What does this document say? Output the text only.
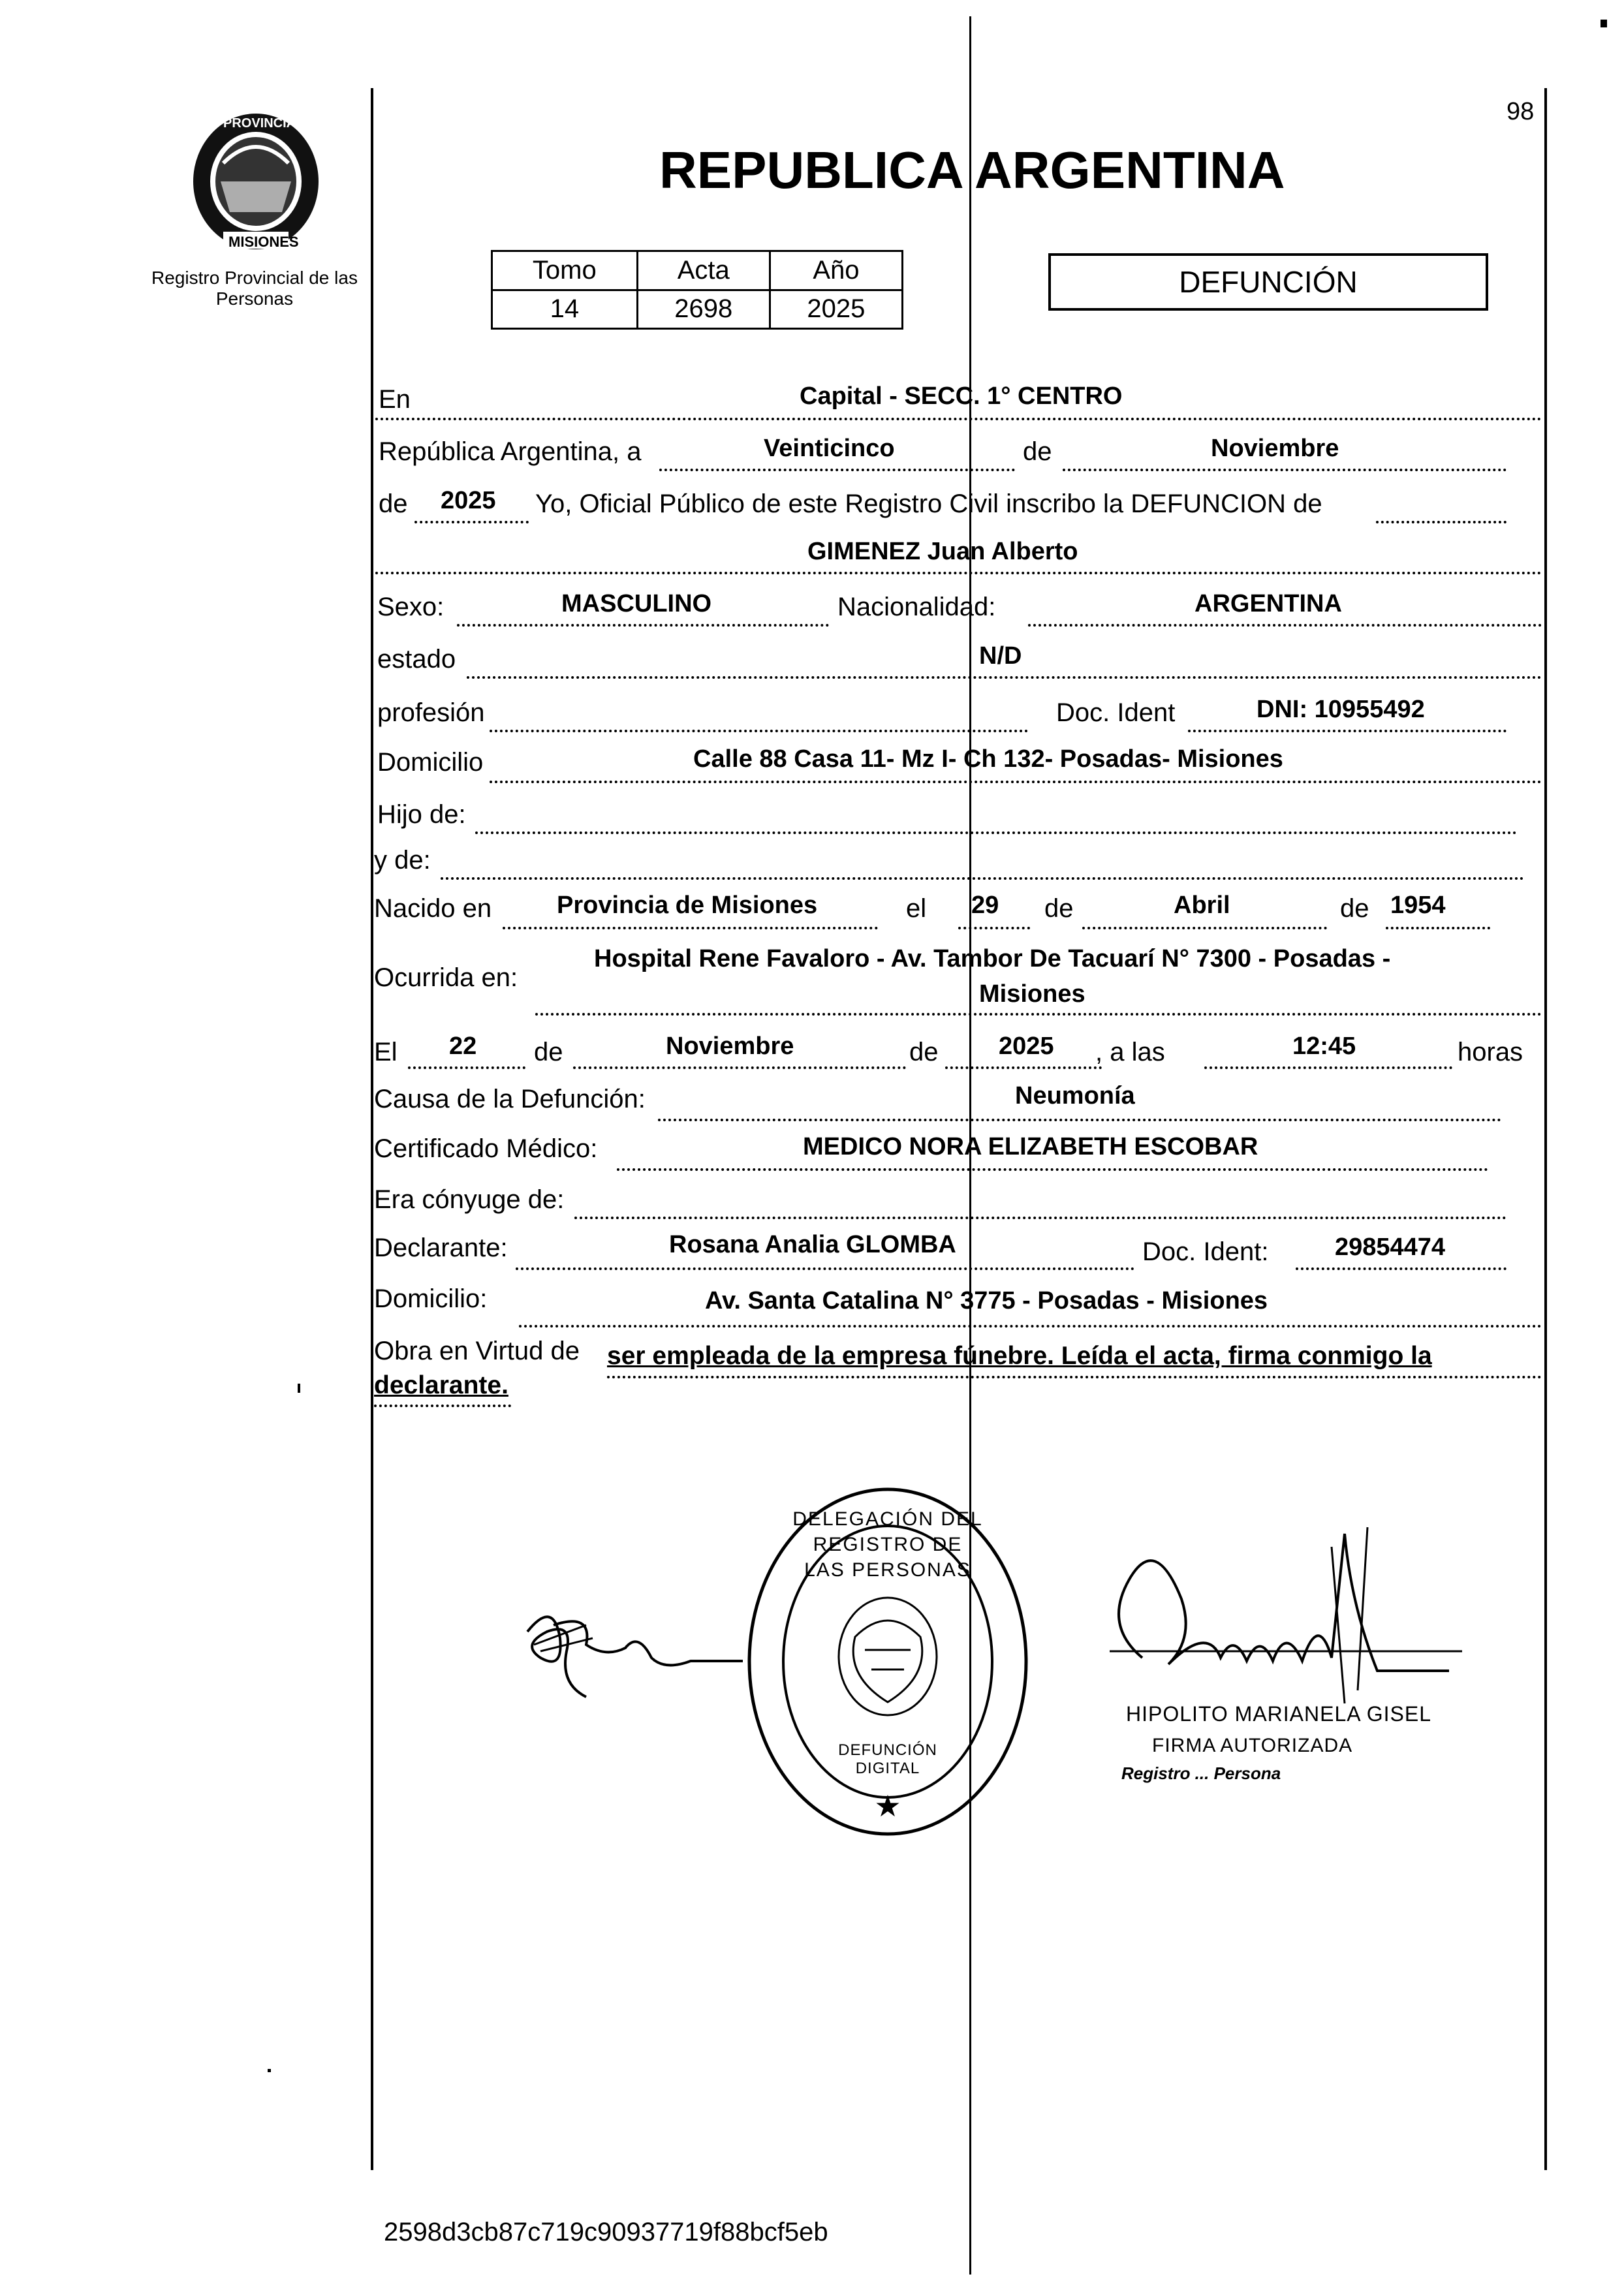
98
PROVINCIA DE
MISIONES
Registro Provincial de las Personas
REPUBLICA ARGENTINA
Tomo	Acta	Año
14	2698	2025
DEFUNCIÓN
En	Capital - SECC. 1° CENTRO
República Argentina, a	Veinticinco	de	Noviembre
de 2025 Yo, Oficial Público de este Registro Civil inscribo la DEFUNCION de
GIMENEZ Juan Alberto
Sexo:	MASCULINO	Nacionalidad:	ARGENTINA
estado	N/D
profesión	Doc. Ident	DNI: 10955492
Domicilio	Calle 88 Casa 11- Mz I- Ch 132- Posadas- Misiones
Hijo de:
y de:
Nacido en	Provincia de Misiones	el 29 de	Abril	de 1954
Ocurrida en:
Hospital Rene Favaloro - Av. Tambor De Tacuarí N° 7300 - Posadas -
Misiones
El 22 de	Noviembre	de 2025 , a las	12:45	horas
Causa de la Defunción:	Neumonía
Certificado Médico:	MEDICO NORA ELIZABETH ESCOBAR
Era cónyuge de:
Declarante:	Rosana Analia GLOMBA	Doc. Ident:	29854474
Domicilio:	Av. Santa Catalina N° 3775 - Posadas - Misiones
Obra en Virtud de ser empleada de la empresa fúnebre. Leída el acta, firma conmigo la
declarante.
★
DELEGACIÓN DEL REGISTRO DE LAS PERSONAS
DEFUNCIÓN DIGITAL
HIPOLITO MARIANELA GISEL
FIRMA AUTORIZADA
Registro ... Persona
2598d3cb87c719c90937719f88bcf5eb
